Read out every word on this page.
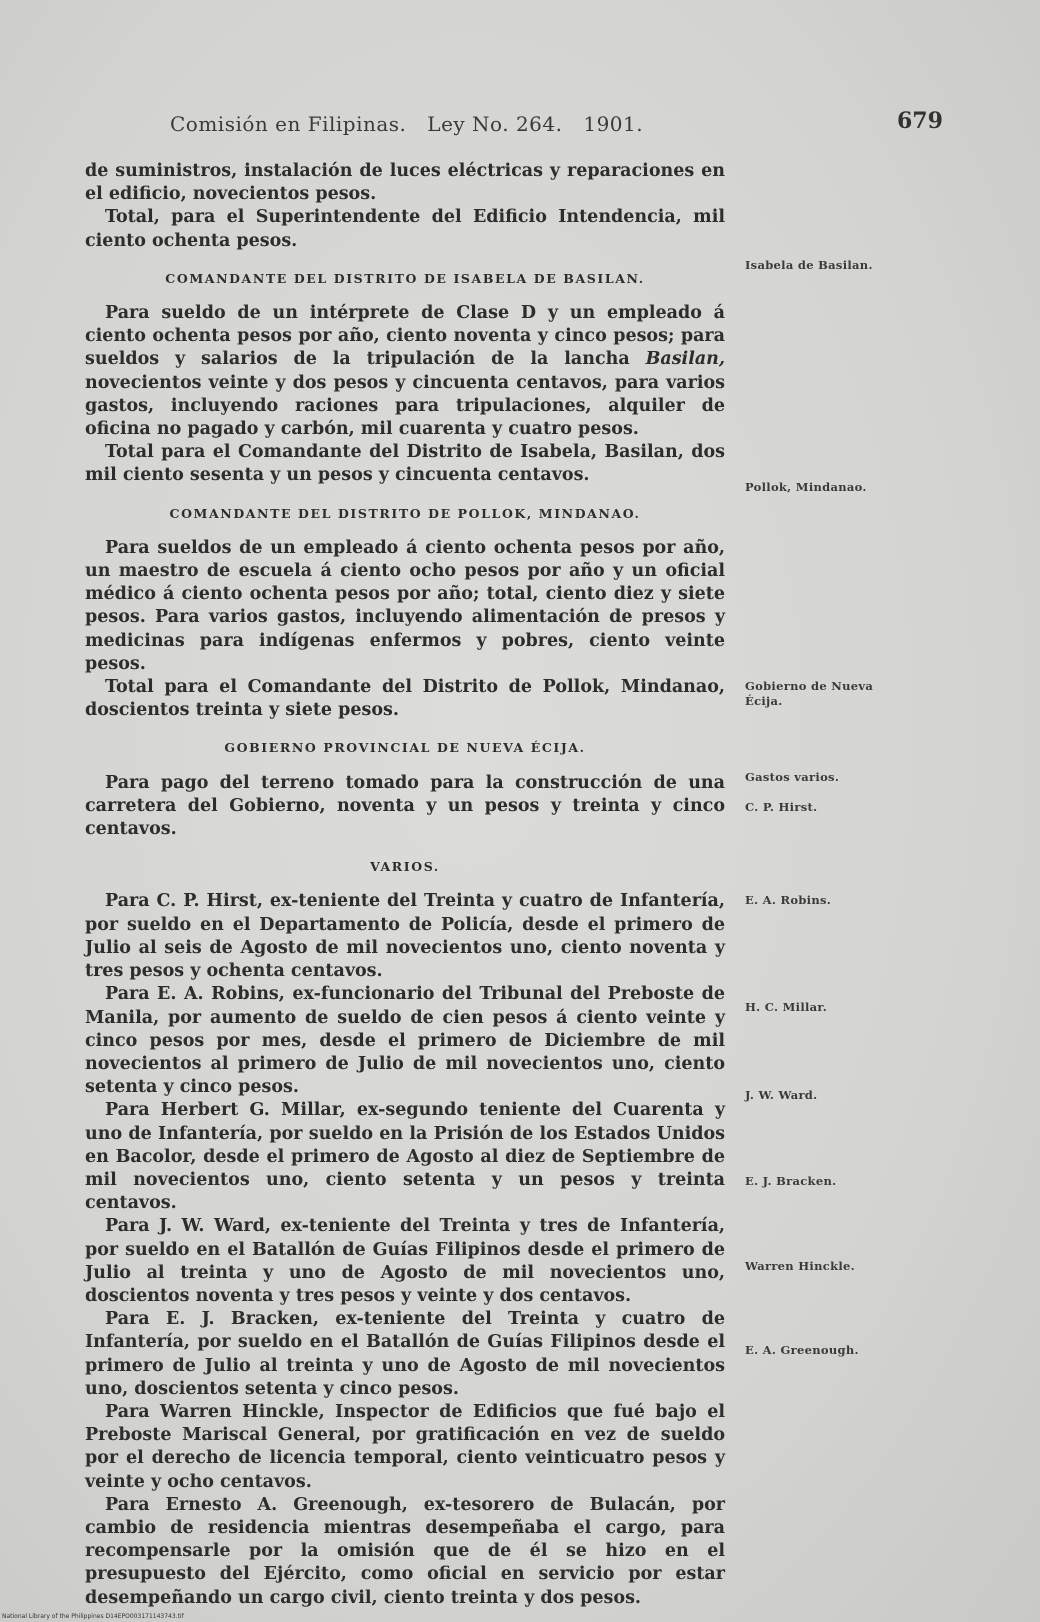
Comisión en Filipinas. Ley No. 264. 1901.	679
Isabela de Basilan.
Pollok, Mindanao.
Gobierno de Nueva
Écija.
Gastos varios.
C. P. Hirst.
E. A. Robins.
H. C. Millar.
J. W. Ward.
E. J. Bracken.
Warren Hinckle.
E. A. Greenough.

de suministros, instalación de luces eléctricas y reparaciones en el edificio, novecientos pesos.

Total, para el Superintendente del Edificio Intendencia, mil ciento ochenta pesos.

COMANDANTE DEL DISTRITO DE ISABELA DE BASILAN.

Para sueldo de un intérprete de Clase D y un empleado á ciento ochenta pesos por año, ciento noventa y cinco pesos; para sueldos y salarios de la tripulación de la lancha Basilan, novecientos veinte y dos pesos y cincuenta centavos, para varios gastos, incluyendo raciones para tripulaciones, alquiler de oficina no pagado y carbón, mil cuarenta y cuatro pesos.

Total para el Comandante del Distrito de Isabela, Basilan, dos mil ciento sesenta y un pesos y cincuenta centavos.

COMANDANTE DEL DISTRITO DE POLLOK, MINDANAO.

Para sueldos de un empleado á ciento ochenta pesos por año, un maestro de escuela á ciento ocho pesos por año y un oficial médico á ciento ochenta pesos por año; total, ciento diez y siete pesos. Para varios gastos, incluyendo alimentación de presos y medicinas para indígenas enfermos y pobres, ciento veinte pesos.

Total para el Comandante del Distrito de Pollok, Mindanao, doscientos treinta y siete pesos.

GOBIERNO PROVINCIAL DE NUEVA ÉCIJA.

Para pago del terreno tomado para la construcción de una carretera del Gobierno, noventa y un pesos y treinta y cinco centavos.

VARIOS.

Para C. P. Hirst, ex-teniente del Treinta y cuatro de Infantería, por sueldo en el Departamento de Policía, desde el primero de Julio al seis de Agosto de mil novecientos uno, ciento noventa y tres pesos y ochenta centavos.

Para E. A. Robins, ex-funcionario del Tribunal del Preboste de Manila, por aumento de sueldo de cien pesos á ciento veinte y cinco pesos por mes, desde el primero de Diciembre de mil novecientos al primero de Julio de mil novecientos uno, ciento setenta y cinco pesos.

Para Herbert G. Millar, ex-segundo teniente del Cuarenta y uno de Infantería, por sueldo en la Prisión de los Estados Unidos en Bacolor, desde el primero de Agosto al diez de Septiembre de mil novecientos uno, ciento setenta y un pesos y treinta centavos.

Para J. W. Ward, ex-teniente del Treinta y tres de Infantería, por sueldo en el Batallón de Guías Filipinos desde el primero de Julio al treinta y uno de Agosto de mil novecientos uno, doscientos noventa y tres pesos y veinte y dos centavos.

Para E. J. Bracken, ex-teniente del Treinta y cuatro de Infantería, por sueldo en el Batallón de Guías Filipinos desde el primero de Julio al treinta y uno de Agosto de mil novecientos uno, doscientos setenta y cinco pesos.

Para Warren Hinckle, Inspector de Edificios que fué bajo el Preboste Mariscal General, por gratificación en vez de sueldo por el derecho de licencia temporal, ciento veinticuatro pesos y veinte y ocho centavos.

Para Ernesto A. Greenough, ex-tesorero de Bulacán, por cambio de residencia mientras desempeñaba el cargo, para recompensarle por la omisión que de él se hizo en el presupuesto del Ejército, como oficial en servicio por estar desempeñando un cargo civil, ciento treinta y dos pesos.

National Library of the Philippines D14EPO003171143743.tif
